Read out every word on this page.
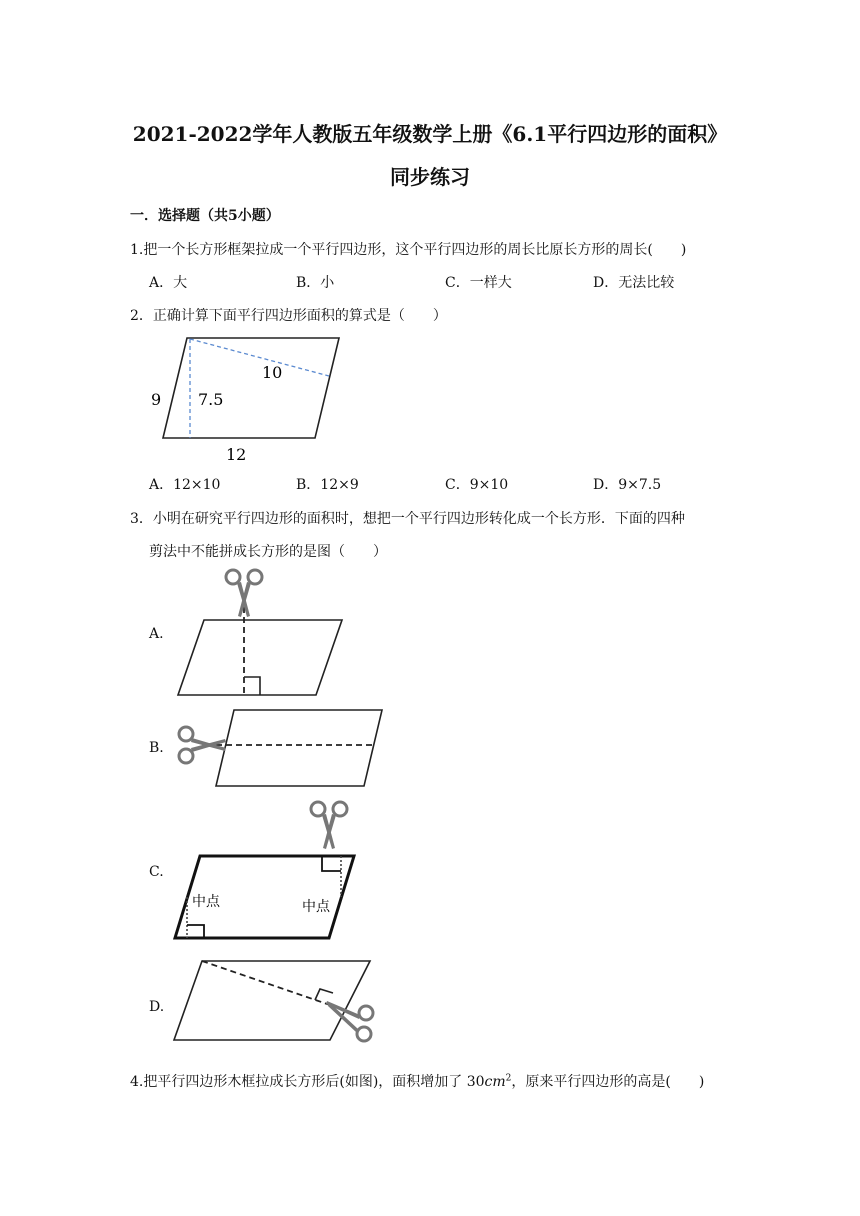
2021-2022学年人教版五年级数学上册《6.1平行四边形的面积》
同步练习
一．选择题（共5小题）
1.把一个长方形框架拉成一个平行四边形，这个平行四边形的周长比原长方形的周长(　　)
A．大	B．小	C．一样大	D．无法比较
2．正确计算下面平行四边形面积的算式是（　　）
9 7.5
10
12
A．12×10	B．12×9	C．9×10	D．9×7.5
3．小明在研究平行四边形的面积时，想把一个平行四边形转化成一个长方形．下面的四种
剪法中不能拼成长方形的是图（　　）
A.
B.
C.
中点	中点
D.
4.把平行四边形木框拉成长方形后(如图)，面积增加了 $30cm^2$，原来平行四边形的高是(　　)
